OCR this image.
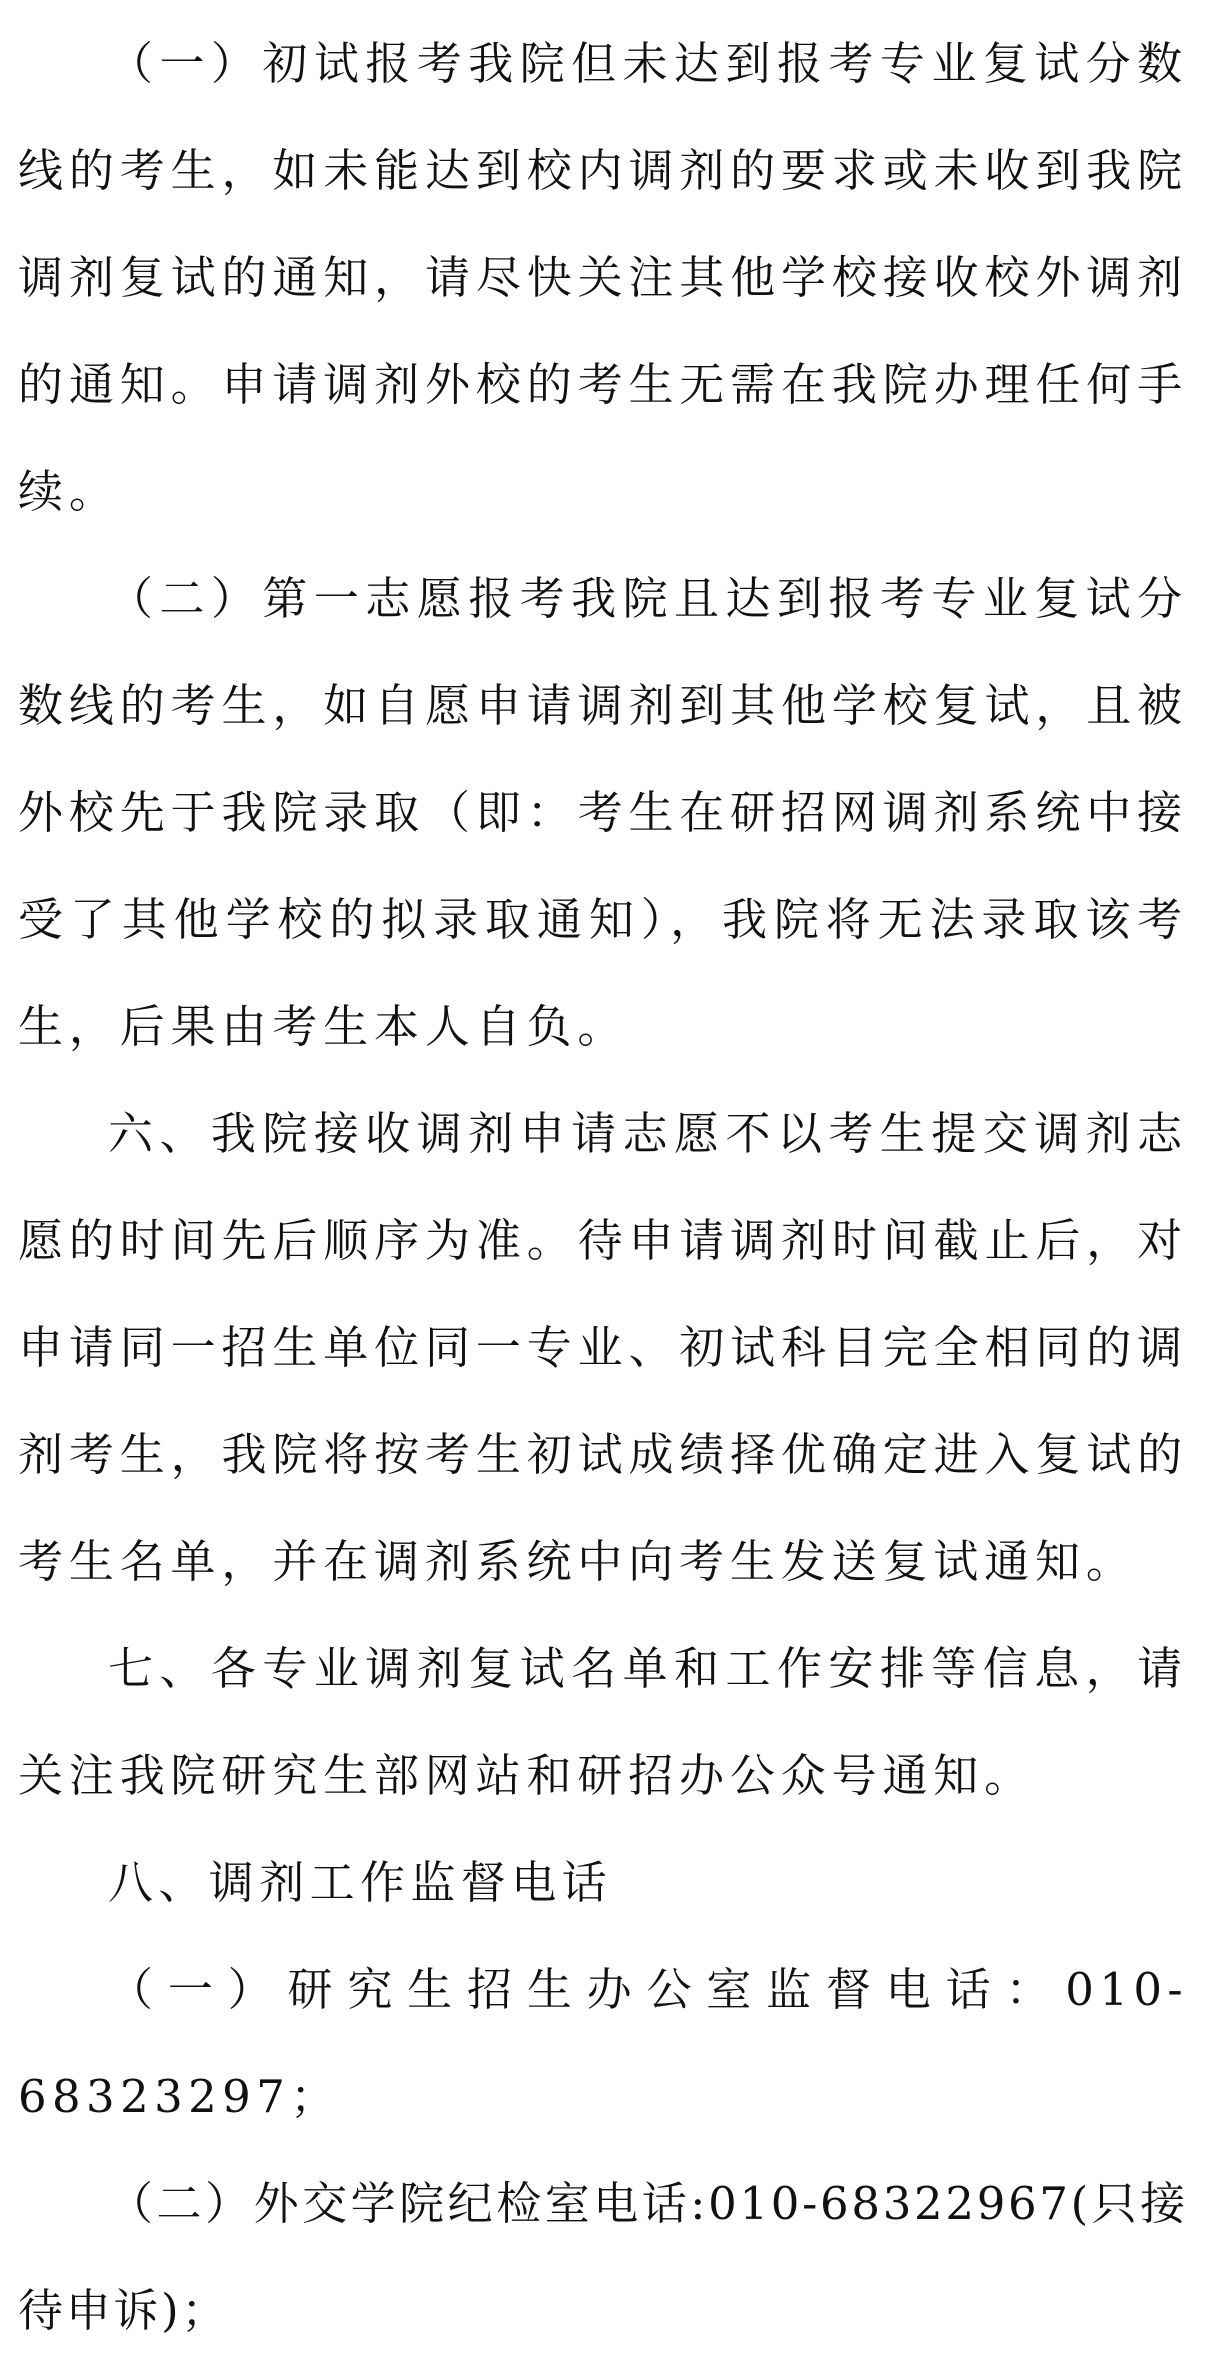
（一）初试报考我院但未达到报考专业复试分数线的考生，如未能达到校内调剂的要求或未收到我院调剂复试的通知，请尽快关注其他学校接收校外调剂的通知。申请调剂外校的考生无需在我院办理任何手续。

（二）第一志愿报考我院且达到报考专业复试分数线的考生，如自愿申请调剂到其他学校复试，且被外校先于我院录取（即：考生在研招网调剂系统中接受了其他学校的拟录取通知），我院将无法录取该考生，后果由考生本人自负。

六、我院接收调剂申请志愿不以考生提交调剂志愿的时间先后顺序为准。待申请调剂时间截止后，对申请同一招生单位同一专业、初试科目完全相同的调剂考生，我院将按考生初试成绩择优确定进入复试的考生名单，并在调剂系统中向考生发送复试通知。

七、各专业调剂复试名单和工作安排等信息，请关注我院研究生部网站和研招办公众号通知。

八、调剂工作监督电话

（一）研究生招生办公室监督电话：010-68323297；

（二）外交学院纪检室电话:010-68322967(只接待申诉)；
